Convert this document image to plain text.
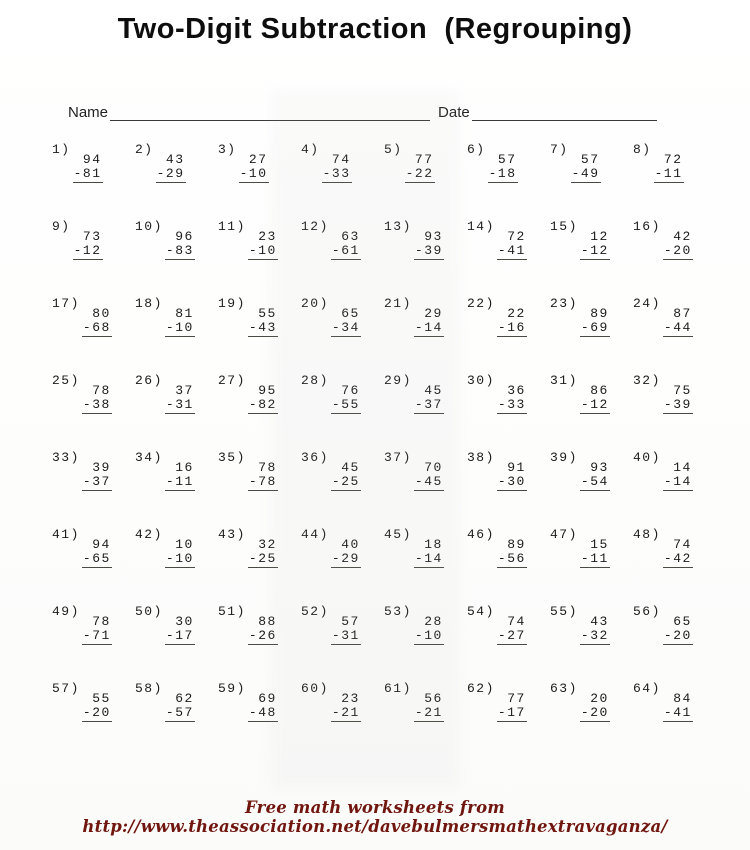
Two-Digit Subtraction  (Regrouping)
Name	Date
1)
94
-81
2)
43
-29
3)
27
-10
4)
74
-33
5)
77
-22
6)
57
-18
7)
57
-49
8)
72
-11
9)
73
-12
10)
96
-83
11)
23
-10
12)
63
-61
13)
93
-39
14)
72
-41
15)
12
-12
16)
42
-20
17)
80
-68
18)
81
-10
19)
55
-43
20)
65
-34
21)
29
-14
22)
22
-16
23)
89
-69
24)
87
-44
25)
78
-38
26)
37
-31
27)
95
-82
28)
76
-55
29)
45
-37
30)
36
-33
31)
86
-12
32)
75
-39
33)
39
-37
34)
16
-11
35)
78
-78
36)
45
-25
37)
70
-45
38)
91
-30
39)
93
-54
40)
14
-14
41)
94
-65
42)
10
-10
43)
32
-25
44)
40
-29
45)
18
-14
46)
89
-56
47)
15
-11
48)
74
-42
49)
78
-71
50)
30
-17
51)
88
-26
52)
57
-31
53)
28
-10
54)
74
-27
55)
43
-32
56)
65
-20
57)
55
-20
58)
62
-57
59)
69
-48
60)
23
-21
61)
56
-21
62)
77
-17
63)
20
-20
64)
84
-41
Free math worksheets from http://www.theassociation.net/davebulmersmathextravaganza/
